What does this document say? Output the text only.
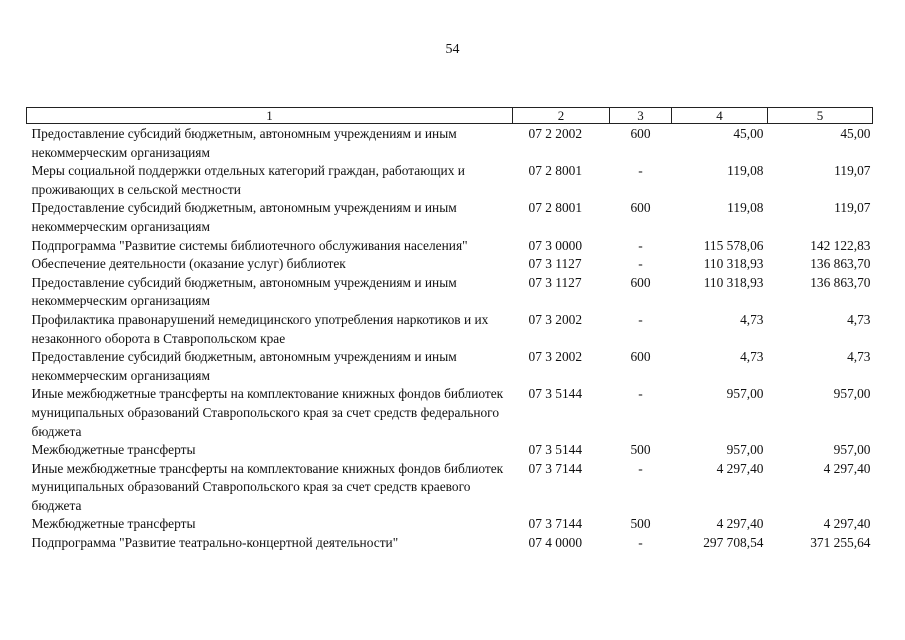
54
1	2	3	4	5
Предоставление субсидий бюджетным, автономным учреждениям и иным некоммерческим организациям	07 2 2002	600	45,00	45,00
Меры социальной поддержки отдельных категорий граждан, работающих и проживающих в сельской местности	07 2 8001	-	119,08	119,07
Предоставление субсидий бюджетным, автономным учреждениям и иным некоммерческим организациям	07 2 8001	600	119,08	119,07
Подпрограмма "Развитие системы библиотечного обслуживания населения"	07 3 0000	-	115 578,06	142 122,83
Обеспечение деятельности (оказание услуг) библиотек	07 3 1127	-	110 318,93	136 863,70
Предоставление субсидий бюджетным, автономным учреждениям и иным некоммерческим организациям	07 3 1127	600	110 318,93	136 863,70
Профилактика правонарушений немедицинского употребления наркотиков и их незаконного оборота в Ставропольском крае	07 3 2002	-	4,73	4,73
Предоставление субсидий бюджетным, автономным учреждениям и иным некоммерческим организациям	07 3 2002	600	4,73	4,73
Иные межбюджетные трансферты на комплектование книжных фондов библиотек муниципальных образований Ставропольского края за счет средств федерального бюджета	07 3 5144	-	957,00	957,00
Межбюджетные трансферты	07 3 5144	500	957,00	957,00
Иные межбюджетные трансферты на комплектование книжных фондов библиотек муниципальных образований Ставропольского края за счет средств краевого бюджета	07 3 7144	-	4 297,40	4 297,40
Межбюджетные трансферты	07 3 7144	500	4 297,40	4 297,40
Подпрограмма "Развитие театрально-концертной деятельности"	07 4 0000	-	297 708,54	371 255,64
